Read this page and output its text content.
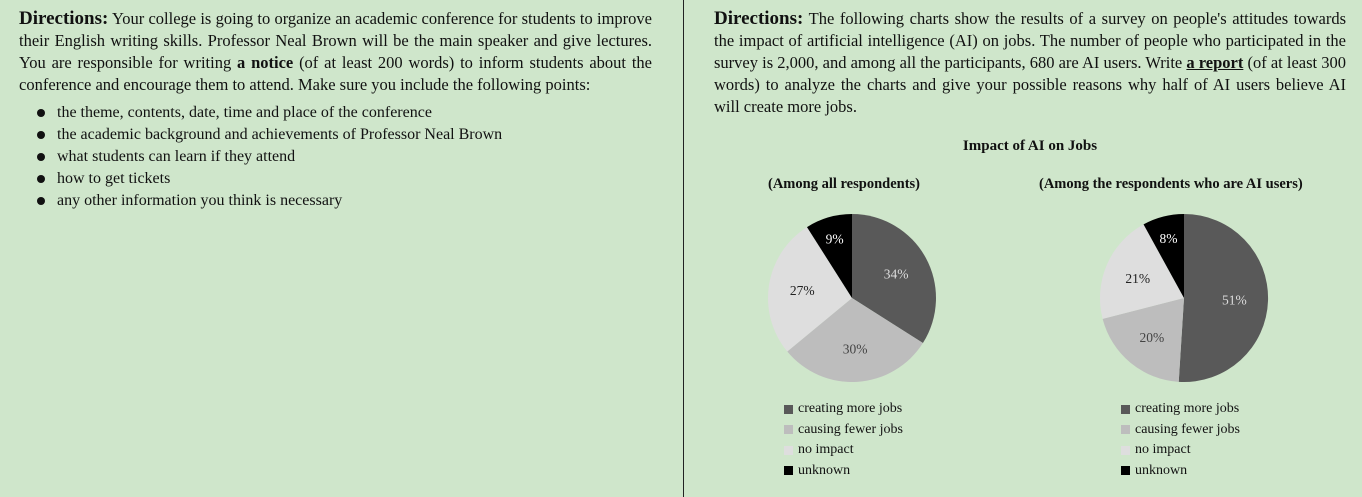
Directions: Your college is going to organize an academic conference for students to improve their English writing skills. Professor Neal Brown will be the main speaker and give lectures. You are responsible for writing a notice (of at least 200 words) to inform students about the conference and encourage them to attend. Make sure you include the following points:

the theme, contents, date, time and place of the conference
the academic background and achievements of Professor Neal Brown
what students can learn if they attend
how to get tickets
any other information you think is necessary

Directions: The following charts show the results of a survey on people's attitudes towards the impact of artificial intelligence (AI) on jobs. The number of people who participated in the survey is 2,000, and among all the participants, 680 are AI users. Write a report (of at least 300 words) to analyze the charts and give your possible reasons why half of AI users believe AI will create more jobs.

Impact of AI on Jobs
(Among all respondents)	(Among the respondents who are AI users)
34%
30%
27%
9%
51%
20%
21%
8%
creating more jobs
causing fewer jobs
no impact
unknown
creating more jobs
causing fewer jobs
no impact
unknown
